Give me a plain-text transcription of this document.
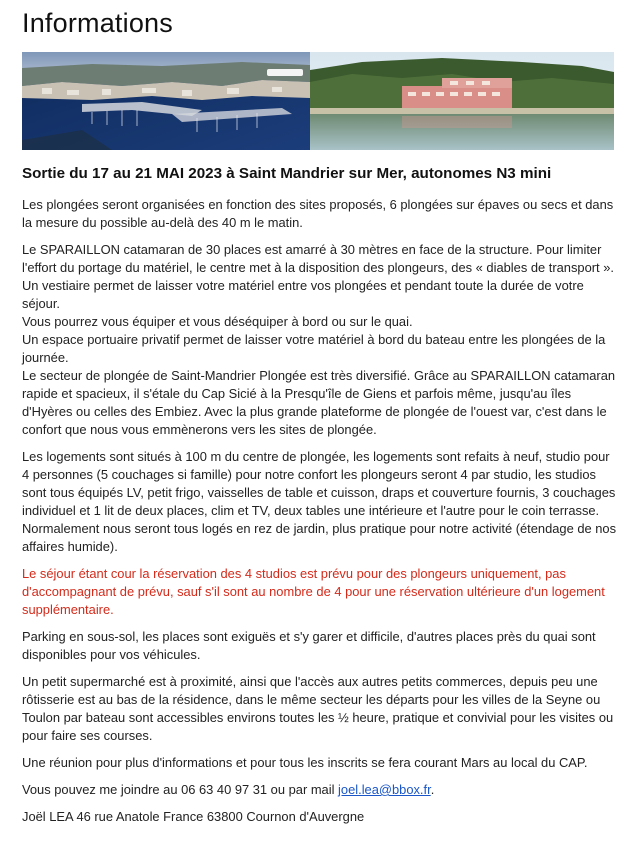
Informations
Sortie du 17 au 21 MAI 2023 à Saint Mandrier sur Mer, autonomes N3 mini

Les plongées seront organisées en fonction des sites proposés, 6 plongées sur épaves ou secs et dans la mesure du possible au-delà des 40 m le matin.

Le SPARAILLON catamaran de 30 places est amarré à 30 mètres en face de la structure. Pour limiter l'effort du portage du matériel, le centre met à la disposition des plongeurs, des « diables de transport ». Un vestiaire permet de laisser votre matériel entre vos plongées et pendant toute la durée de votre séjour.

Vous pourrez vous équiper et vous déséquiper à bord ou sur le quai.

Un espace portuaire privatif permet de laisser votre matériel à bord du bateau entre les plongées de la journée.

Le secteur de plongée de Saint-Mandrier Plongée est très diversifié. Grâce au SPARAILLON catamaran rapide et spacieux, il s'étale du Cap Sicié à la Presqu'île de Giens et parfois même, jusqu'au îles d'Hyères ou celles des Embiez. Avec la plus grande plateforme de plongée de l'ouest var, c'est dans le confort que nous vous emmènerons vers les sites de plongée.

Les logements sont situés à 100 m du centre de plongée, les logements sont refaits à neuf, studio pour 4 personnes (5 couchages si famille) pour notre confort les plongeurs seront 4 par studio, les studios sont tous équipés LV, petit frigo, vaisselles de table et cuisson, draps et couverture fournis, 3 couchages individuel et 1 lit de deux places, clim et TV, deux tables une intérieure et l'autre pour le coin terrasse. Normalement nous seront tous logés en rez de jardin, plus pratique pour notre activité (étendage de nos affaires humide).

Le séjour étant cour la réservation des 4 studios est prévu pour des plongeurs uniquement, pas d'accompagnant de prévu, sauf s'il sont au nombre de 4 pour une réservation ultérieure d'un logement supplémentaire.

Parking en sous-sol, les places sont exiguës et s'y garer et difficile, d'autres places près du quai sont disponibles pour vos véhicules.

Un petit supermarché est à proximité, ainsi que l'accès aux autres petits commerces, depuis peu une rôtisserie est au bas de la résidence, dans le même secteur les départs pour les villes de la Seyne ou Toulon par bateau sont accessibles environs toutes les ½ heure, pratique et convivial pour les visites ou pour faire ses courses.

Une réunion pour plus d'informations et pour tous les inscrits se fera courant Mars au local du CAP.

Vous pouvez me joindre au 06 63 40 97 31 ou par mail joel.lea@bbox.fr.

Joël LEA 46 rue Anatole France 63800 Cournon d'Auvergne
